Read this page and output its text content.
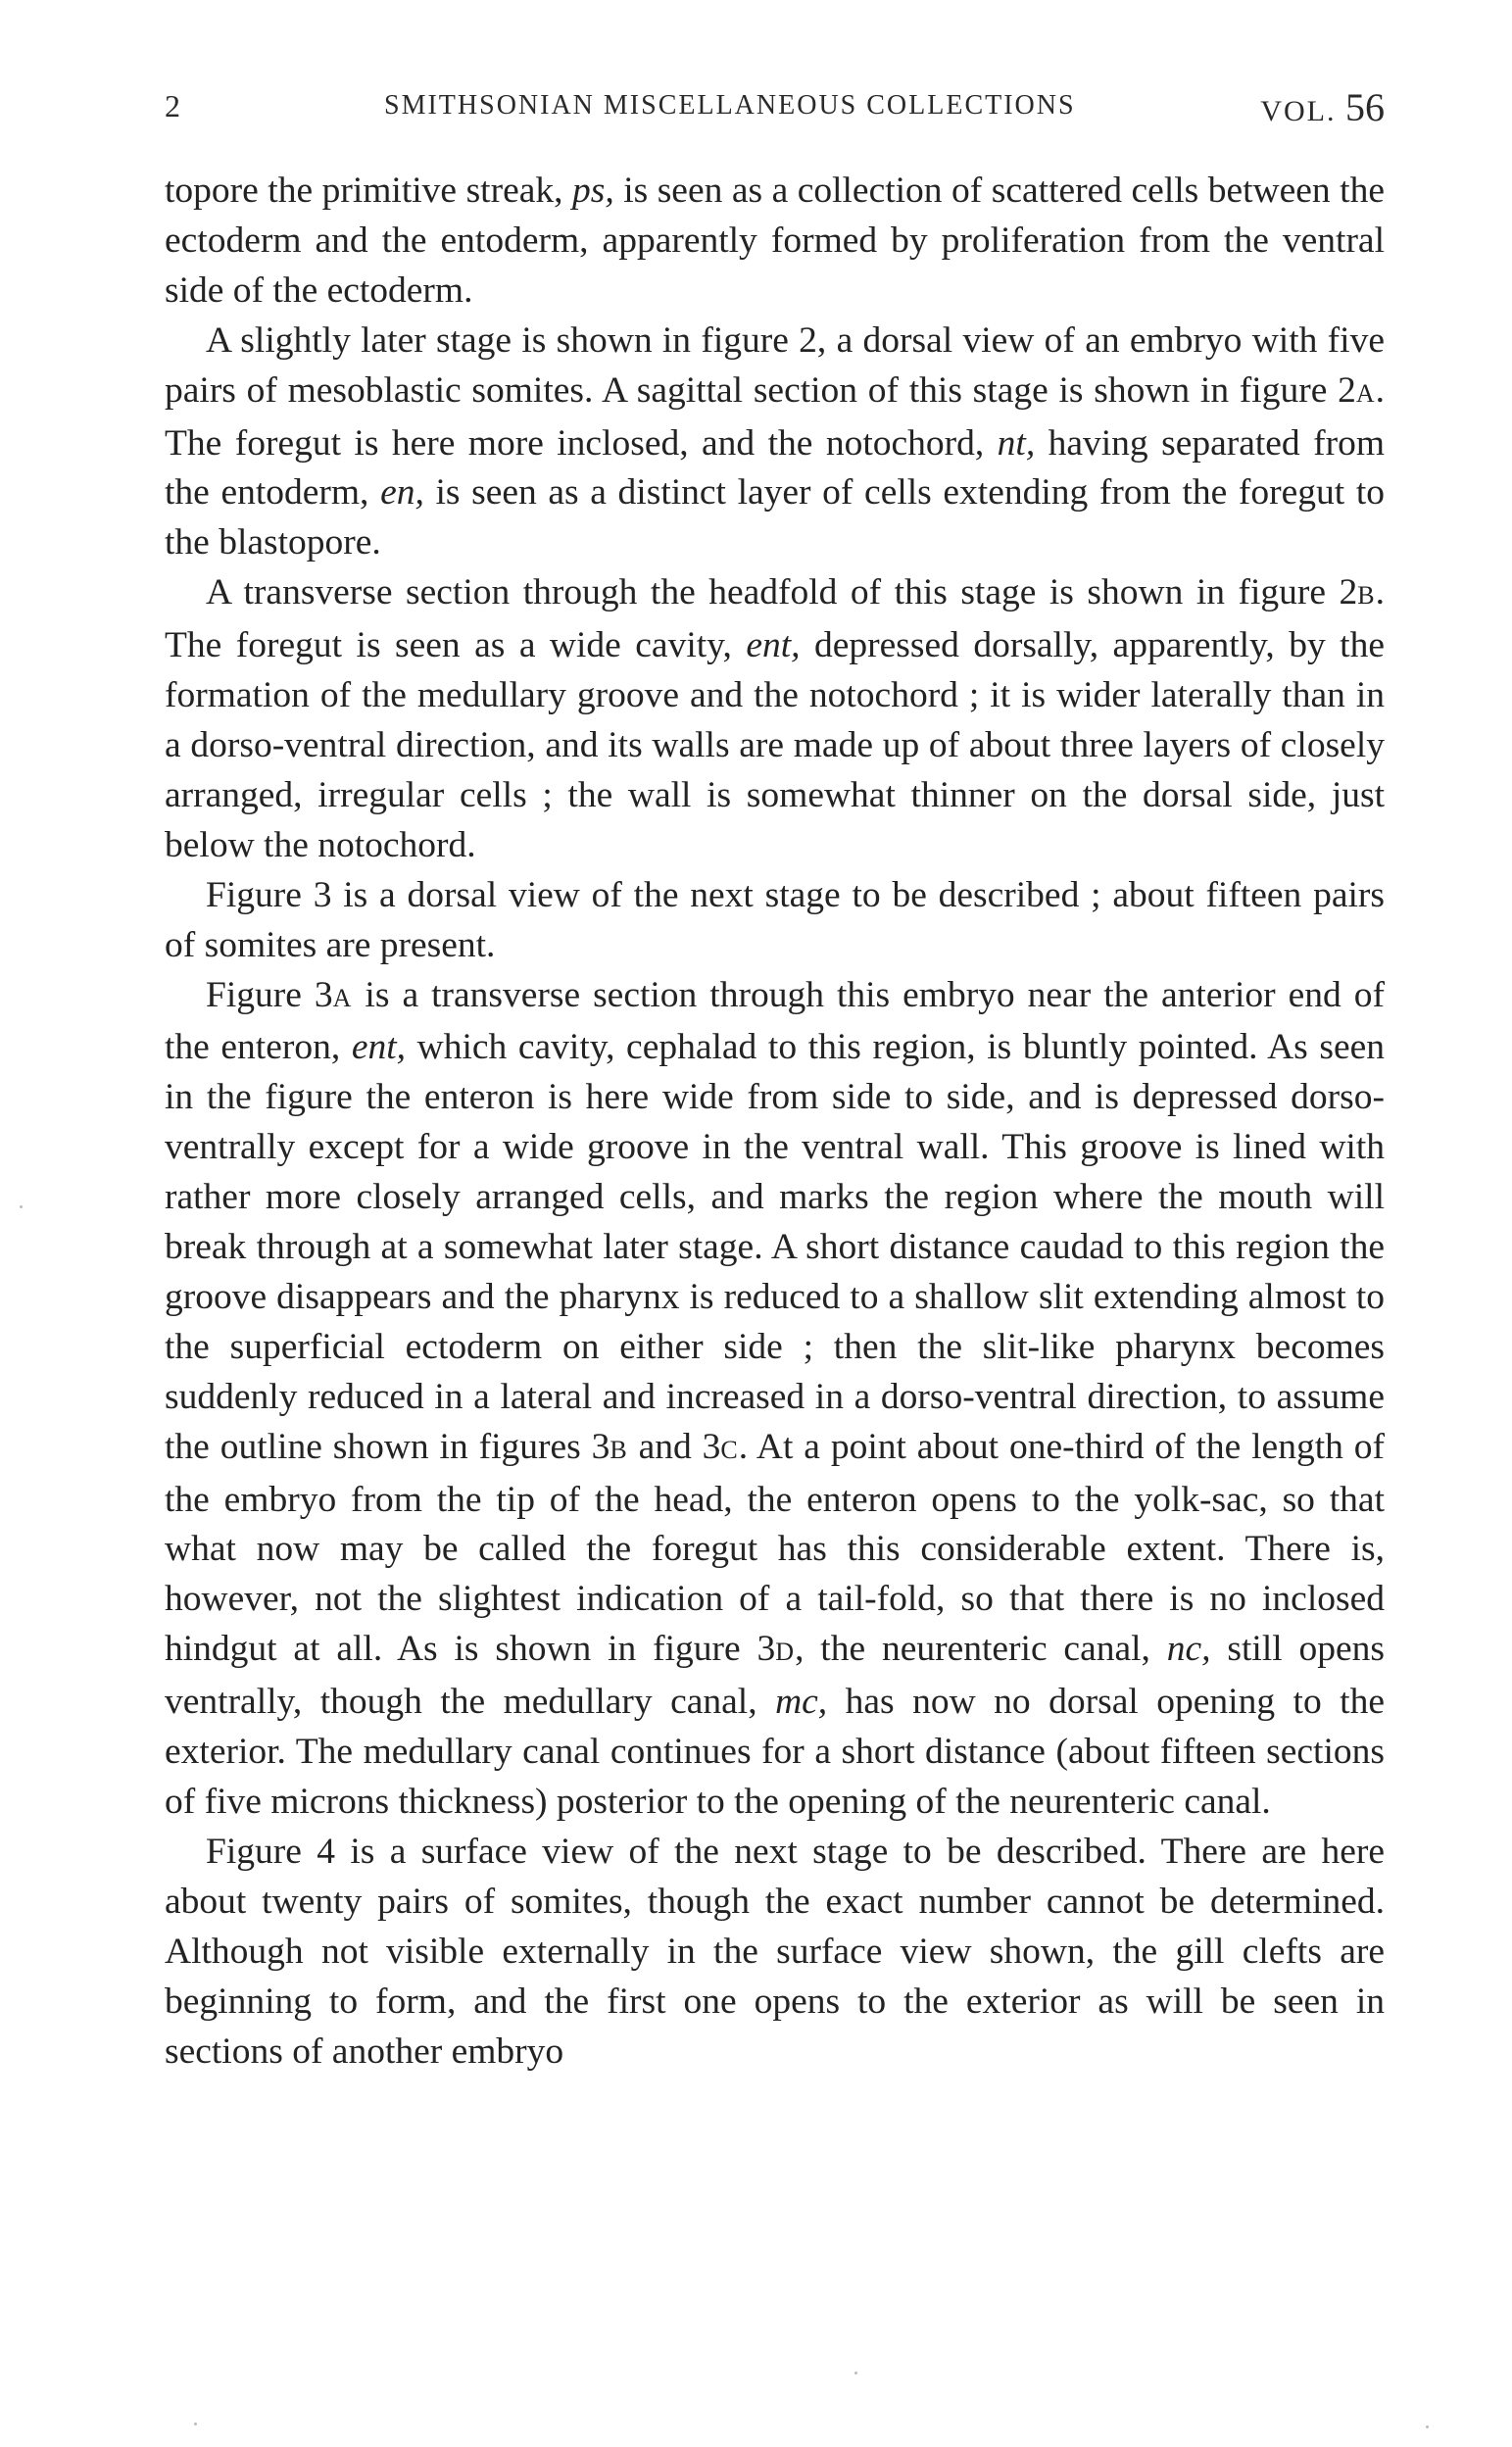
2	SMITHSONIAN MISCELLANEOUS COLLECTIONS	VOL. 56

topore the primitive streak, ps, is seen as a collection of scattered cells between the ectoderm and the entoderm, apparently formed by proliferation from the ventral side of the ectoderm.

A slightly later stage is shown in figure 2, a dorsal view of an embryo with five pairs of mesoblastic somites. A sagittal section of this stage is shown in figure 2A. The foregut is here more inclosed, and the notochord, nt, having separated from the entoderm, en, is seen as a distinct layer of cells extending from the foregut to the blastopore.

A transverse section through the headfold of this stage is shown in figure 2B. The foregut is seen as a wide cavity, ent, depressed dorsally, apparently, by the formation of the medullary groove and the notochord ; it is wider laterally than in a dorso-ventral direction, and its walls are made up of about three layers of closely arranged, irregular cells ; the wall is somewhat thinner on the dorsal side, just below the notochord.

Figure 3 is a dorsal view of the next stage to be described ; about fifteen pairs of somites are present.

Figure 3A is a transverse section through this embryo near the anterior end of the enteron, ent, which cavity, cephalad to this region, is bluntly pointed. As seen in the figure the enteron is here wide from side to side, and is depressed dorso-ventrally except for a wide groove in the ventral wall. This groove is lined with rather more closely arranged cells, and marks the region where the mouth will break through at a somewhat later stage. A short distance caudad to this region the groove disappears and the pharynx is reduced to a shallow slit extending almost to the superficial ectoderm on either side ; then the slit-like pharynx becomes suddenly reduced in a lateral and increased in a dorso-ventral direction, to assume the outline shown in figures 3B and 3C. At a point about one-third of the length of the embryo from the tip of the head, the enteron opens to the yolk-sac, so that what now may be called the foregut has this considerable extent. There is, however, not the slightest indication of a tail-fold, so that there is no inclosed hindgut at all. As is shown in figure 3D, the neurenteric canal, nc, still opens ventrally, though the medullary canal, mc, has now no dorsal opening to the exterior. The medullary canal continues for a short distance (about fifteen sections of five microns thickness) posterior to the opening of the neurenteric canal.

Figure 4 is a surface view of the next stage to be described. There are here about twenty pairs of somites, though the exact number cannot be determined. Although not visible externally in the surface view shown, the gill clefts are beginning to form, and the first one opens to the exterior as will be seen in sections of another embryo
